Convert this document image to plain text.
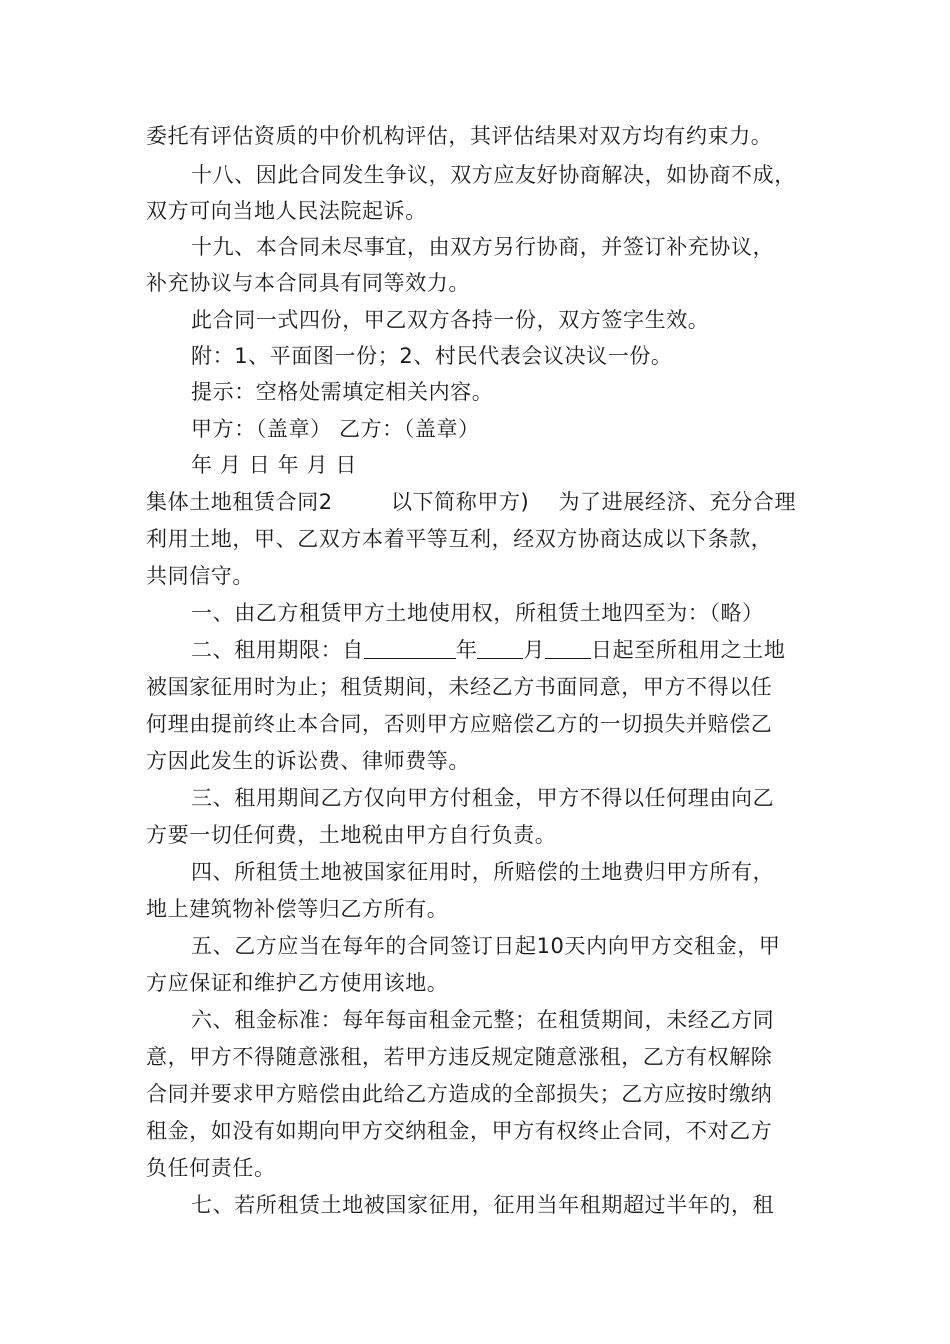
委托有评估资质的中价机构评估，其评估结果对双方均有约束力。
十八、因此合同发生争议，双方应友好协商解决，如协商不成，
双方可向当地人民法院起诉。
十九、本合同未尽事宜，由双方另行协商，并签订补充协议，
补充协议与本合同具有同等效力。
此合同一式四份，甲乙双方各持一份，双方签字生效。
附：1、平面图一份；2、村民代表会议决议一份。
提示：空格处需填定相关内容。
甲方：（盖章） 乙方：（盖章）
年 月 日 年 月 日
集体土地租赁合同2        以下简称甲方)    为了进展经济、充分合理
利用土地，甲、乙双方本着平等互利，经双方协商达成以下条款，
共同信守。
一、由乙方租赁甲方土地使用权，所租赁土地四至为：（略）
二、租用期限：自	年 月 日起至所租用之土地
被国家征用时为止；租赁期间，未经乙方书面同意，甲方不得以任
何理由提前终止本合同，否则甲方应赔偿乙方的一切损失并赔偿乙
方因此发生的诉讼费、律师费等。
三、租用期间乙方仅向甲方付租金，甲方不得以任何理由向乙
方要一切任何费，土地税由甲方自行负责。
四、所租赁土地被国家征用时，所赔偿的土地费归甲方所有，
地上建筑物补偿等归乙方所有。
五、乙方应当在每年的合同签订日起10天内向甲方交租金，甲
方应保证和维护乙方使用该地。
六、租金标准：每年每亩租金元整；在租赁期间，未经乙方同
意，甲方不得随意涨租，若甲方违反规定随意涨租，乙方有权解除
合同并要求甲方赔偿由此给乙方造成的全部损失；乙方应按时缴纳
租金，如没有如期向甲方交纳租金，甲方有权终止合同，不对乙方
负任何责任。
七、若所租赁土地被国家征用，征用当年租期超过半年的，租
